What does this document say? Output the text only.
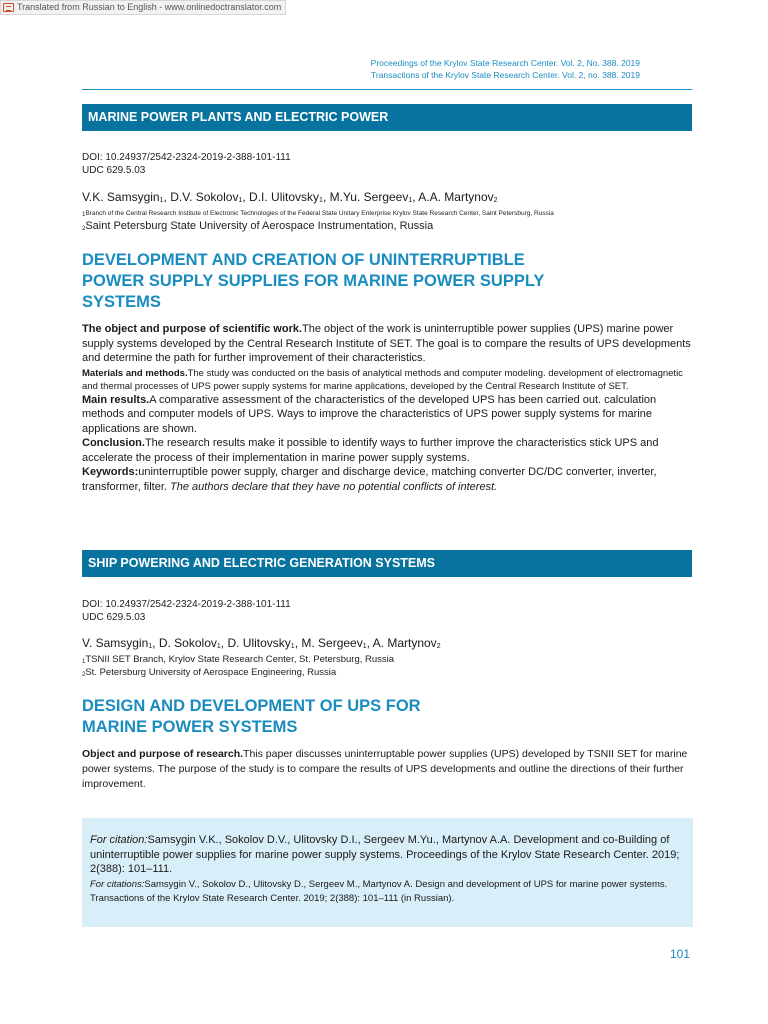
Translated from Russian to English - www.onlinedoctranslator.com
Proceedings of the Krylov State Research Center. Vol. 2, No. 388. 2019
Transactions of the Krylov State Research Center. Vol. 2, no. 388. 2019
MARINE POWER PLANTS AND ELECTRIC POWER
DOI: 10.24937/2542-2324-2019-2-388-101-111
UDC 629.5.03
V.K. Samsygin$_1$, D.V. Sokolov$_1$, D.I. Ulitovsky$_1$, M.Yu. Sergeev$_1$, A.A. Martynov$_2$
$^1$Branch of the Central Research Institute of Electronic Technologies of the Federal State Unitary Enterprise Krylov State Research Center, Saint Petersburg, Russia
$^2$Saint Petersburg State University of Aerospace Instrumentation, Russia
DEVELOPMENT AND CREATION OF UNINTERRUPTIBLE
POWER SUPPLY SUPPLIES FOR MARINE POWER SUPPLY
SYSTEMS

The object and purpose of scientific work.The object of the work is uninterruptible power supplies (UPS) marine power supply systems developed by the Central Research Institute of SET. The goal is to compare the results of UPS developments and determine the path for further improvement of their characteristics.

Materials and methods.The study was conducted on the basis of analytical methods and computer modeling. development of electromagnetic and thermal processes of UPS power supply systems for marine applications, developed by the Central Research Institute of SET.

Main results.A comparative assessment of the characteristics of the developed UPS has been carried out. calculation methods and computer models of UPS. Ways to improve the characteristics of UPS power supply systems for marine applications are shown.

Conclusion.The research results make it possible to identify ways to further improve the characteristics stick UPS and accelerate the process of their implementation in marine power supply systems.

Keywords:uninterruptible power supply, charger and discharge device, matching converter DC/DC converter, inverter, transformer, filter. The authors declare that they have no potential conflicts of interest.

SHIP POWERING AND ELECTRIC GENERATION SYSTEMS
DOI: 10.24937/2542-2324-2019-2-388-101-111
UDC 629.5.03
V. Samsygin$_1$, D. Sokolov$_1$, D. Ulitovsky$_1$, M. Sergeev$_1$, A. Martynov$_2$
$^1$TSNII SET Branch, Krylov State Research Center, St. Petersburg, Russia
$^2$St. Petersburg University of Aerospace Engineering, Russia
DESIGN AND DEVELOPMENT OF UPS FOR
MARINE POWER SYSTEMS

Object and purpose of research.This paper discusses uninterruptable power supplies (UPS) developed by TSNII SET for marine power systems. The purpose of the study is to compare the results of UPS developments and outline the directions of their further improvement.

For citation:Samsygin V.K., Sokolov D.V., Ulitovsky D.I., Sergeev M.Yu., Martynov A.A. Development and co-Building of uninterruptible power supplies for marine power supply systems. Proceedings of the Krylov State Research Center. 2019; 2(388): 101–111.

For citations:Samsygin V., Sokolov D., Ulitovsky D., Sergeev M., Martynov A. Design and development of UPS for marine power systems. Transactions of the Krylov State Research Center. 2019; 2(388): 101–111 (in Russian).

101
